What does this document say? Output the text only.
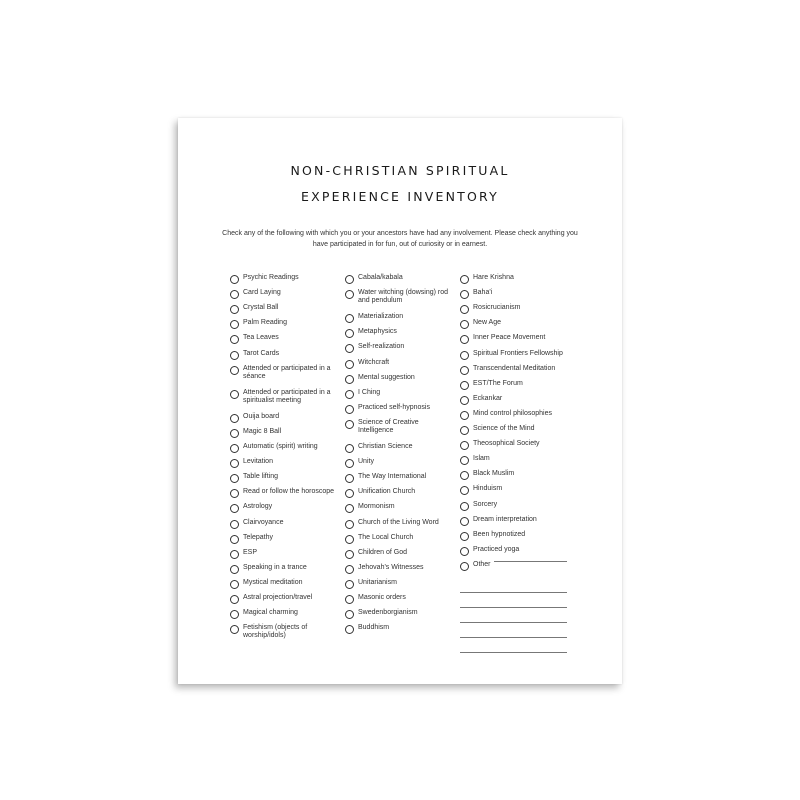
NON-CHRISTIAN SPIRITUAL
EXPERIENCE INVENTORY

Check any of the following with which you or your ancestors have had any involvement. Please check anything you have participated in for fun, out of curiosity or in earnest.

Psychic Readings
Card Laying
Crystal Ball
Palm Reading
Tea Leaves
Tarot Cards
Attended or participated in a séance
Attended or participated in a spiritualist meeting
Ouija board
Magic 8 Ball
Automatic (spirit) writing
Levitation
Table lifting
Read or follow the horoscope
Astrology
Clairvoyance
Telepathy
ESP
Speaking in a trance
Mystical meditation
Astral projection/travel
Magical charming
Fetishism (objects of worship/idols)
Cabala/kabala
Water witching (dowsing) rod and pendulum
Materialization
Metaphysics
Self-realization
Witchcraft
Mental suggestion
I Ching
Practiced self-hypnosis
Science of Creative Intelligence
Christian Science
Unity
The Way International
Unification Church
Mormonism
Church of the Living Word
The Local Church
Children of God
Jehovah's Witnesses
Unitarianism
Masonic orders
Swedenborgianism
Buddhism
Hare Krishna
Baha'i
Rosicrucianism
New Age
Inner Peace Movement
Spiritual Frontiers Fellowship
Transcendental Meditation
EST/The Forum
Eckankar
Mind control philosophies
Science of the Mind
Theosophical Society
Islam
Black Muslim
Hinduism
Sorcery
Dream interpretation
Been hypnotized
Practiced yoga
Other
